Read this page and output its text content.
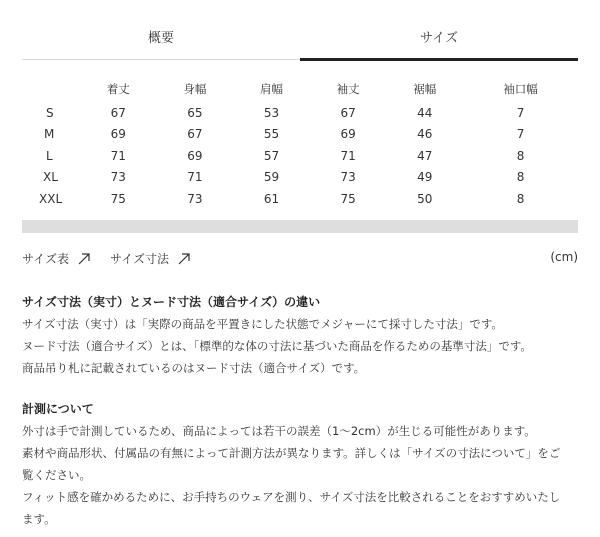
概要	サイズ
	着丈	身幅	肩幅	袖丈	裾幅	袖口幅
S	67	65	53	67	44	7
M	69	67	55	69	46	7
L	71	69	57	71	47	8
XL	73	71	59	73	49	8
XXL	75	73	61	75	50	8
サイズ表	サイズ寸法	(cm)
サイズ寸法（実寸）とヌード寸法（適合サイズ）の違い

サイズ寸法（実寸）は「実際の商品を平置きにした状態でメジャーにて採寸した寸法」です。

ヌード寸法（適合サイズ）とは、「標準的な体の寸法に基づいた商品を作るための基準寸法」です。

商品吊り札に記載されているのはヌード寸法（適合サイズ）です。

計測について

外寸は手で計測しているため、商品によっては若干の誤差（1〜2cm）が生じる可能性があります。

素材や商品形状、付属品の有無によって計測方法が異なります。詳しくは「サイズの寸法について」をご

覧ください。

フィット感を確かめるために、お手持ちのウェアを測り、サイズ寸法を比較されることをおすすめいたし

ます。
